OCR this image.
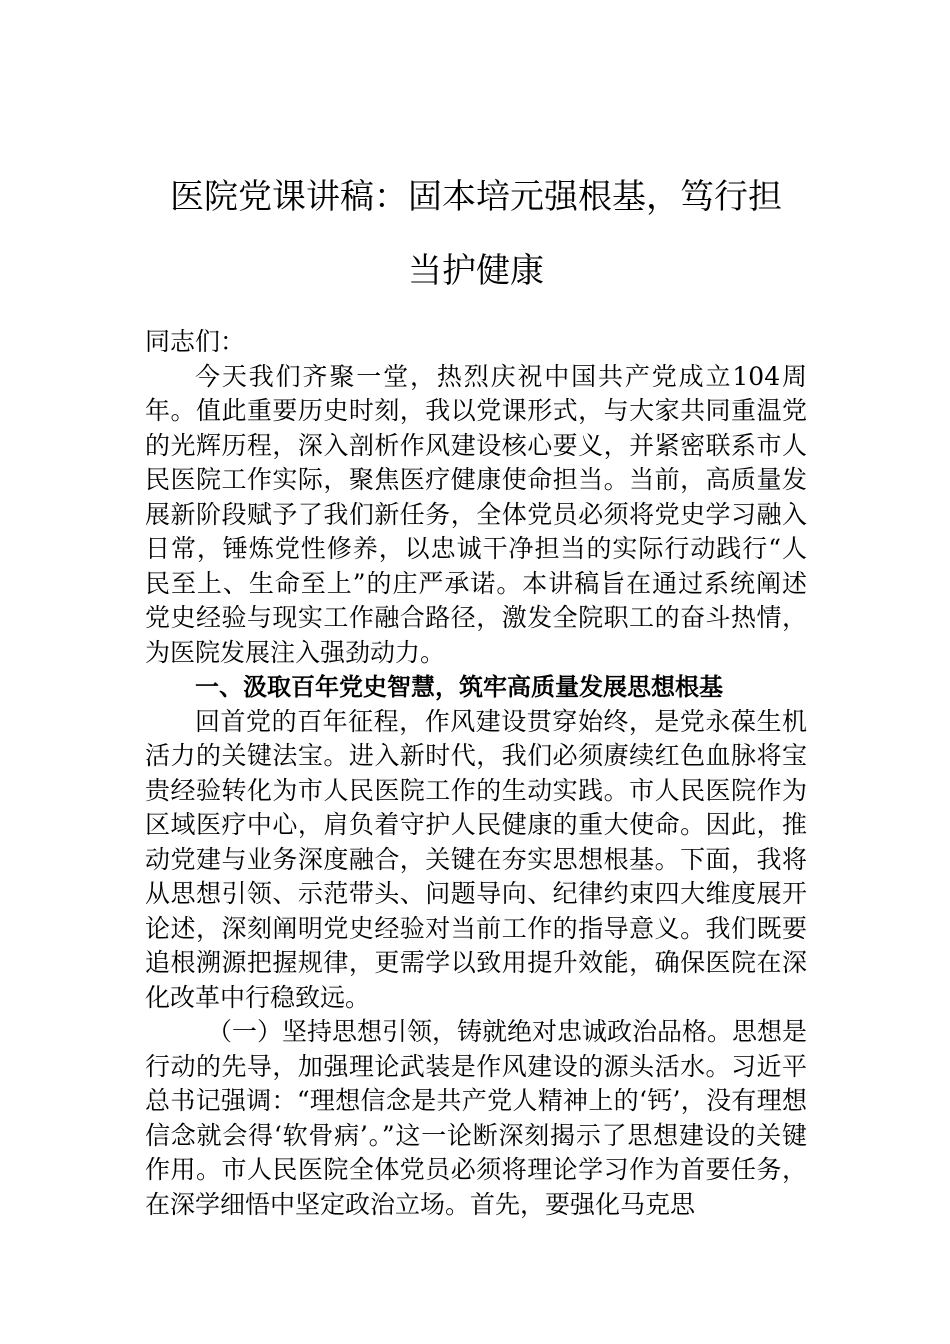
医院党课讲稿：固本培元强根基，笃行担
当护健康

同志们：

今天我们齐聚一堂，热烈庆祝中国共产党成立104周年。值此重要历史时刻，我以党课形式，与大家共同重温党的光辉历程，深入剖析作风建设核心要义，并紧密联系市人民医院工作实际，聚焦医疗健康使命担当。当前，高质量发展新阶段赋予了我们新任务，全体党员必须将党史学习融入日常，锤炼党性修养，以忠诚干净担当的实际行动践行“人民至上、生命至上”的庄严承诺。本讲稿旨在通过系统阐述党史经验与现实工作融合路径，激发全院职工的奋斗热情，为医院发展注入强劲动力。

一、汲取百年党史智慧，筑牢高质量发展思想根基

回首党的百年征程，作风建设贯穿始终，是党永葆生机活力的关键法宝。进入新时代，我们必须赓续红色血脉将宝贵经验转化为市人民医院工作的生动实践。市人民医院作为区域医疗中心，肩负着守护人民健康的重大使命。因此，推动党建与业务深度融合，关键在夯实思想根基。下面，我将从思想引领、示范带头、问题导向、纪律约束四大维度展开论述，深刻阐明党史经验对当前工作的指导意义。我们既要追根溯源把握规律，更需学以致用提升效能，确保医院在深化改革中行稳致远。

（一）坚持思想引领，铸就绝对忠诚政治品格。思想是行动的先导，加强理论武装是作风建设的源头活水。习近平总书记强调：“理想信念是共产党人精神上的‘钙’，没有理想信念就会得‘软骨病’。”这一论断深刻揭示了思想建设的关键作用。市人民医院全体党员必须将理论学习作为首要任务，在深学细悟中坚定政治立场。首先，要强化马克思
